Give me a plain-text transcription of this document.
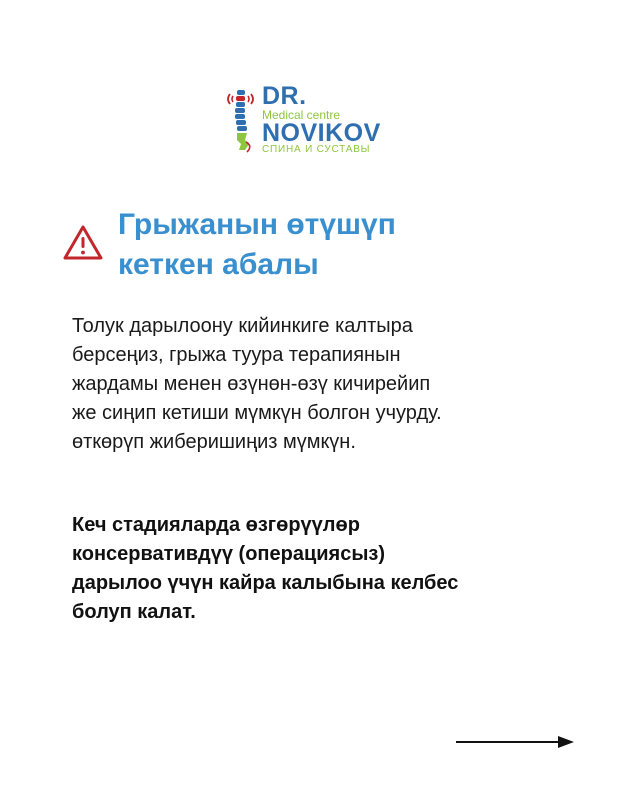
DR.

Medical centre

NOVIKOV

СПИНА И СУСТАВЫ

Грыжанын өтүшүп
кеткен абалы

Толук дарылоону кийинкиге калтыра
берсеңиз, грыжа туура терапиянын
жардамы менен өзүнөн-өзү кичирейип
же сиңип кетиши мүмкүн болгон учурду.
өткөрүп жиберишиңиз мүмкүн.

Кеч стадияларда өзгөрүүлөр
консервативдүү (операциясыз)
дарылоо үчүн кайра калыбына келбес
болуп калат.
